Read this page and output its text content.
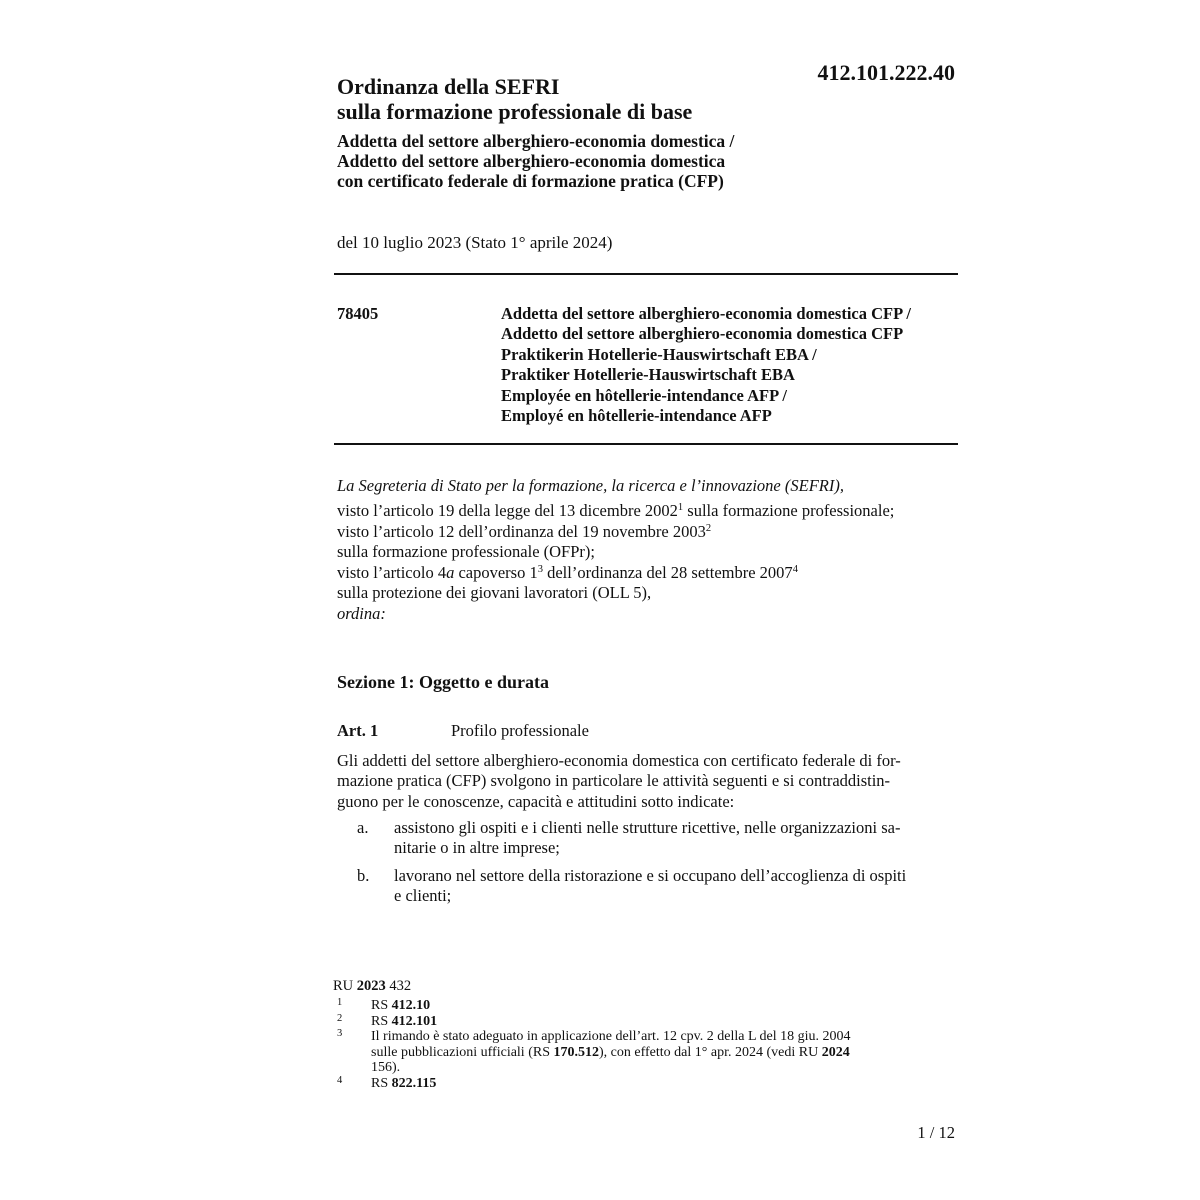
412.101.222.40
Ordinanza della SEFRI
sulla formazione professionale di base
Addetta del settore alberghiero-economia domestica /
Addetto del settore alberghiero-economia domestica
con certificato federale di formazione pratica (CFP)
del 10 luglio 2023 (Stato 1° aprile 2024)
78405	Addetta del settore alberghiero-economia domestica CFP /
Addetto del settore alberghiero-economia domestica CFP
Praktikerin Hotellerie-Hauswirtschaft EBA /
Praktiker Hotellerie-Hauswirtschaft EBA
Employée en hôtellerie-intendance AFP /
Employé en hôtellerie-intendance AFP
La Segreteria di Stato per la formazione, la ricerca e l’innovazione (SEFRI),
visto l’articolo 19 della legge del 13 dicembre 2002$^1$ sulla formazione professionale;
visto l’articolo 12 dell’ordinanza del 19 novembre 2003$^2$
sulla formazione professionale (OFPr);
visto l’articolo 4a capoverso $1^3$ dell’ordinanza del 28 settembre 2007$^4$
sulla protezione dei giovani lavoratori (OLL 5),
ordina:
Sezione 1: Oggetto e durata
Art. 1	Profilo professionale
Gli addetti del settore alberghiero-economia domestica con certificato federale di for-
mazione pratica (CFP) svolgono in particolare le attività seguenti e si contraddistin-
guono per le conoscenze, capacità e attitudini sotto indicate:
a. assistono gli ospiti e i clienti nelle strutture ricettive, nelle organizzazioni sa-
nitarie o in altre imprese;
b. lavorano nel settore della ristorazione e si occupano dell’accoglienza di ospiti
e clienti;
RU 2023 432
1 RS 412.10
2 RS 412.101
3 Il rimando è stato adeguato in applicazione dell’art. 12 cpv. 2 della L del 18 giu. 2004
sulle pubblicazioni ufficiali (RS 170.512), con effetto dal 1° apr. 2024 (vedi RU 2024
156).
4 RS 822.115
1 / 12
